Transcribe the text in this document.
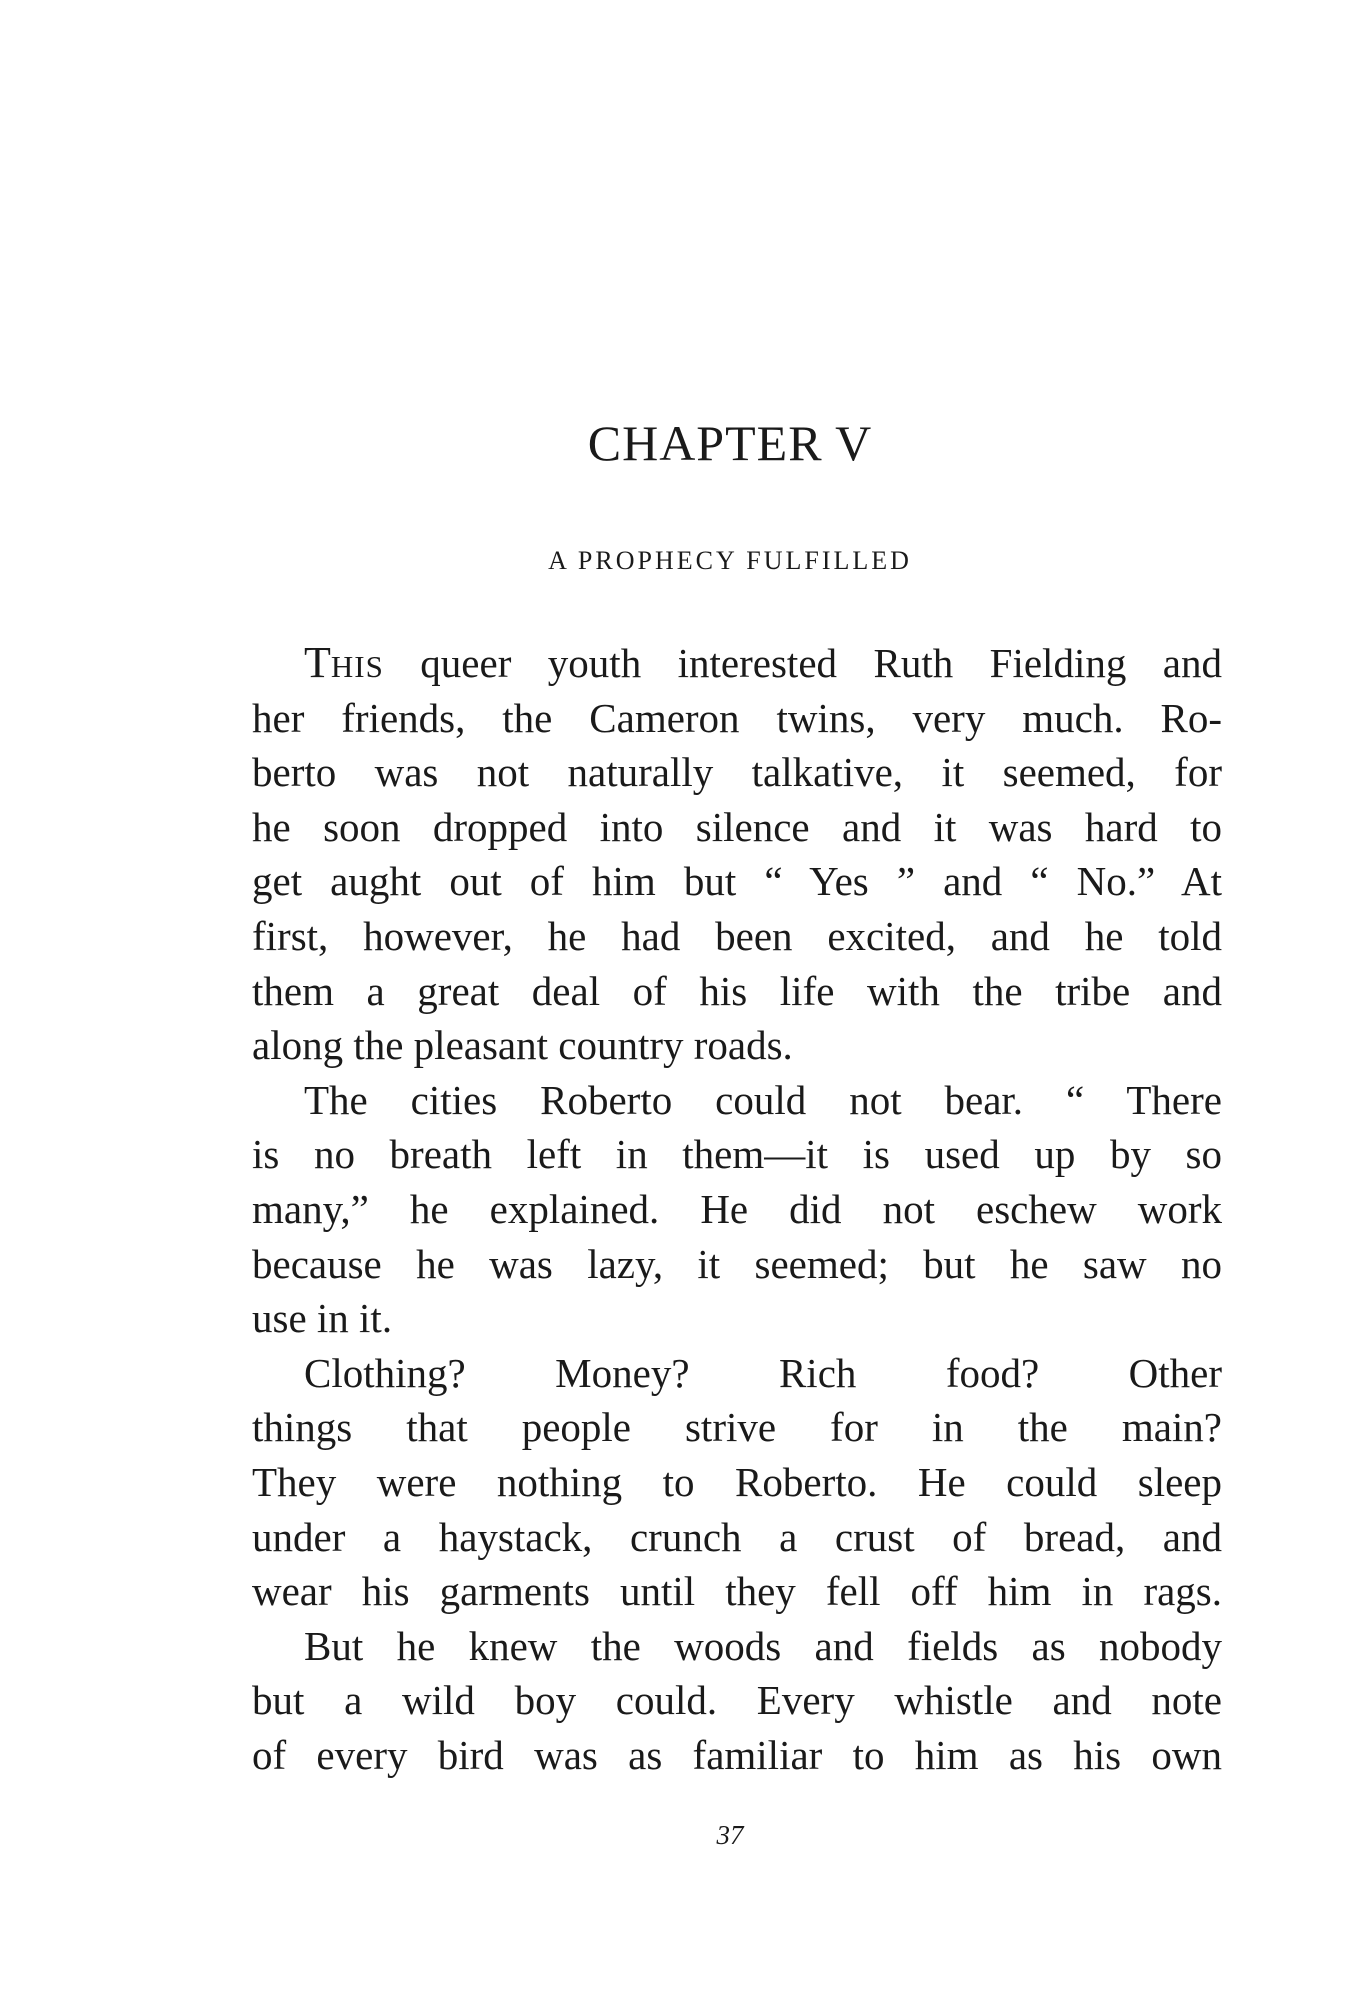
CHAPTER V
A PROPHECY FULFILLED
THIS queer youth interested Ruth Fielding and
her friends, the Cameron twins, very much. Ro-
berto was not naturally talkative, it seemed, for
he soon dropped into silence and it was hard to
get aught out of him but “ Yes ” and “ No.” At
first, however, he had been excited, and he told
them a great deal of his life with the tribe and
along the pleasant country roads.
The cities Roberto could not bear. “ There
is no breath left in them—it is used up by so
many,” he explained. He did not eschew work
because he was lazy, it seemed; but he saw no
use in it.
Clothing? Money? Rich food? Other
things that people strive for in the main?
They were nothing to Roberto. He could sleep
under a haystack, crunch a crust of bread, and
wear his garments until they fell off him in rags.
But he knew the woods and fields as nobody
but a wild boy could. Every whistle and note
of every bird was as familiar to him as his own
37
